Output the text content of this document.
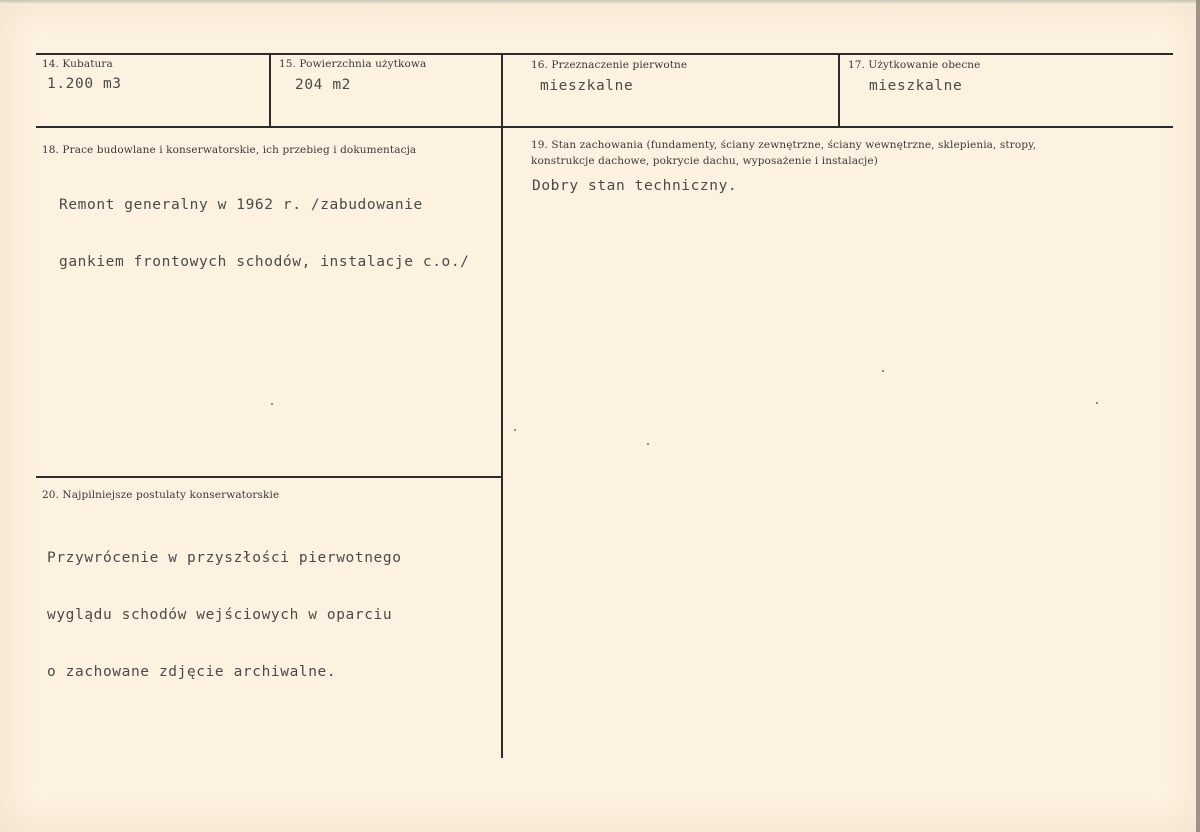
14. Kubatura
1.200 m3
15. Powierzchnia użytkowa
204 m2
16. Przeznaczenie pierwotne
mieszkalne
17. Użytkowanie obecne
mieszkalne
18. Prace budowlane i konserwatorskie, ich przebieg i dokumentacja

Remont generalny w 1962 r. /zabudowanie

gankiem frontowych schodów, instalacje c.o./

19. Stan zachowania (fundamenty, ściany zewnętrzne, ściany wewnętrzne, sklepienia, stropy,
konstrukcje dachowe, pokrycie dachu, wyposażenie i instalacje)
Dobry stan techniczny.
20. Najpilniejsze postulaty konserwatorskie

Przywrócenie w przyszłości pierwotnego

wyglądu schodów wejściowych w oparciu

o zachowane zdjęcie archiwalne.
